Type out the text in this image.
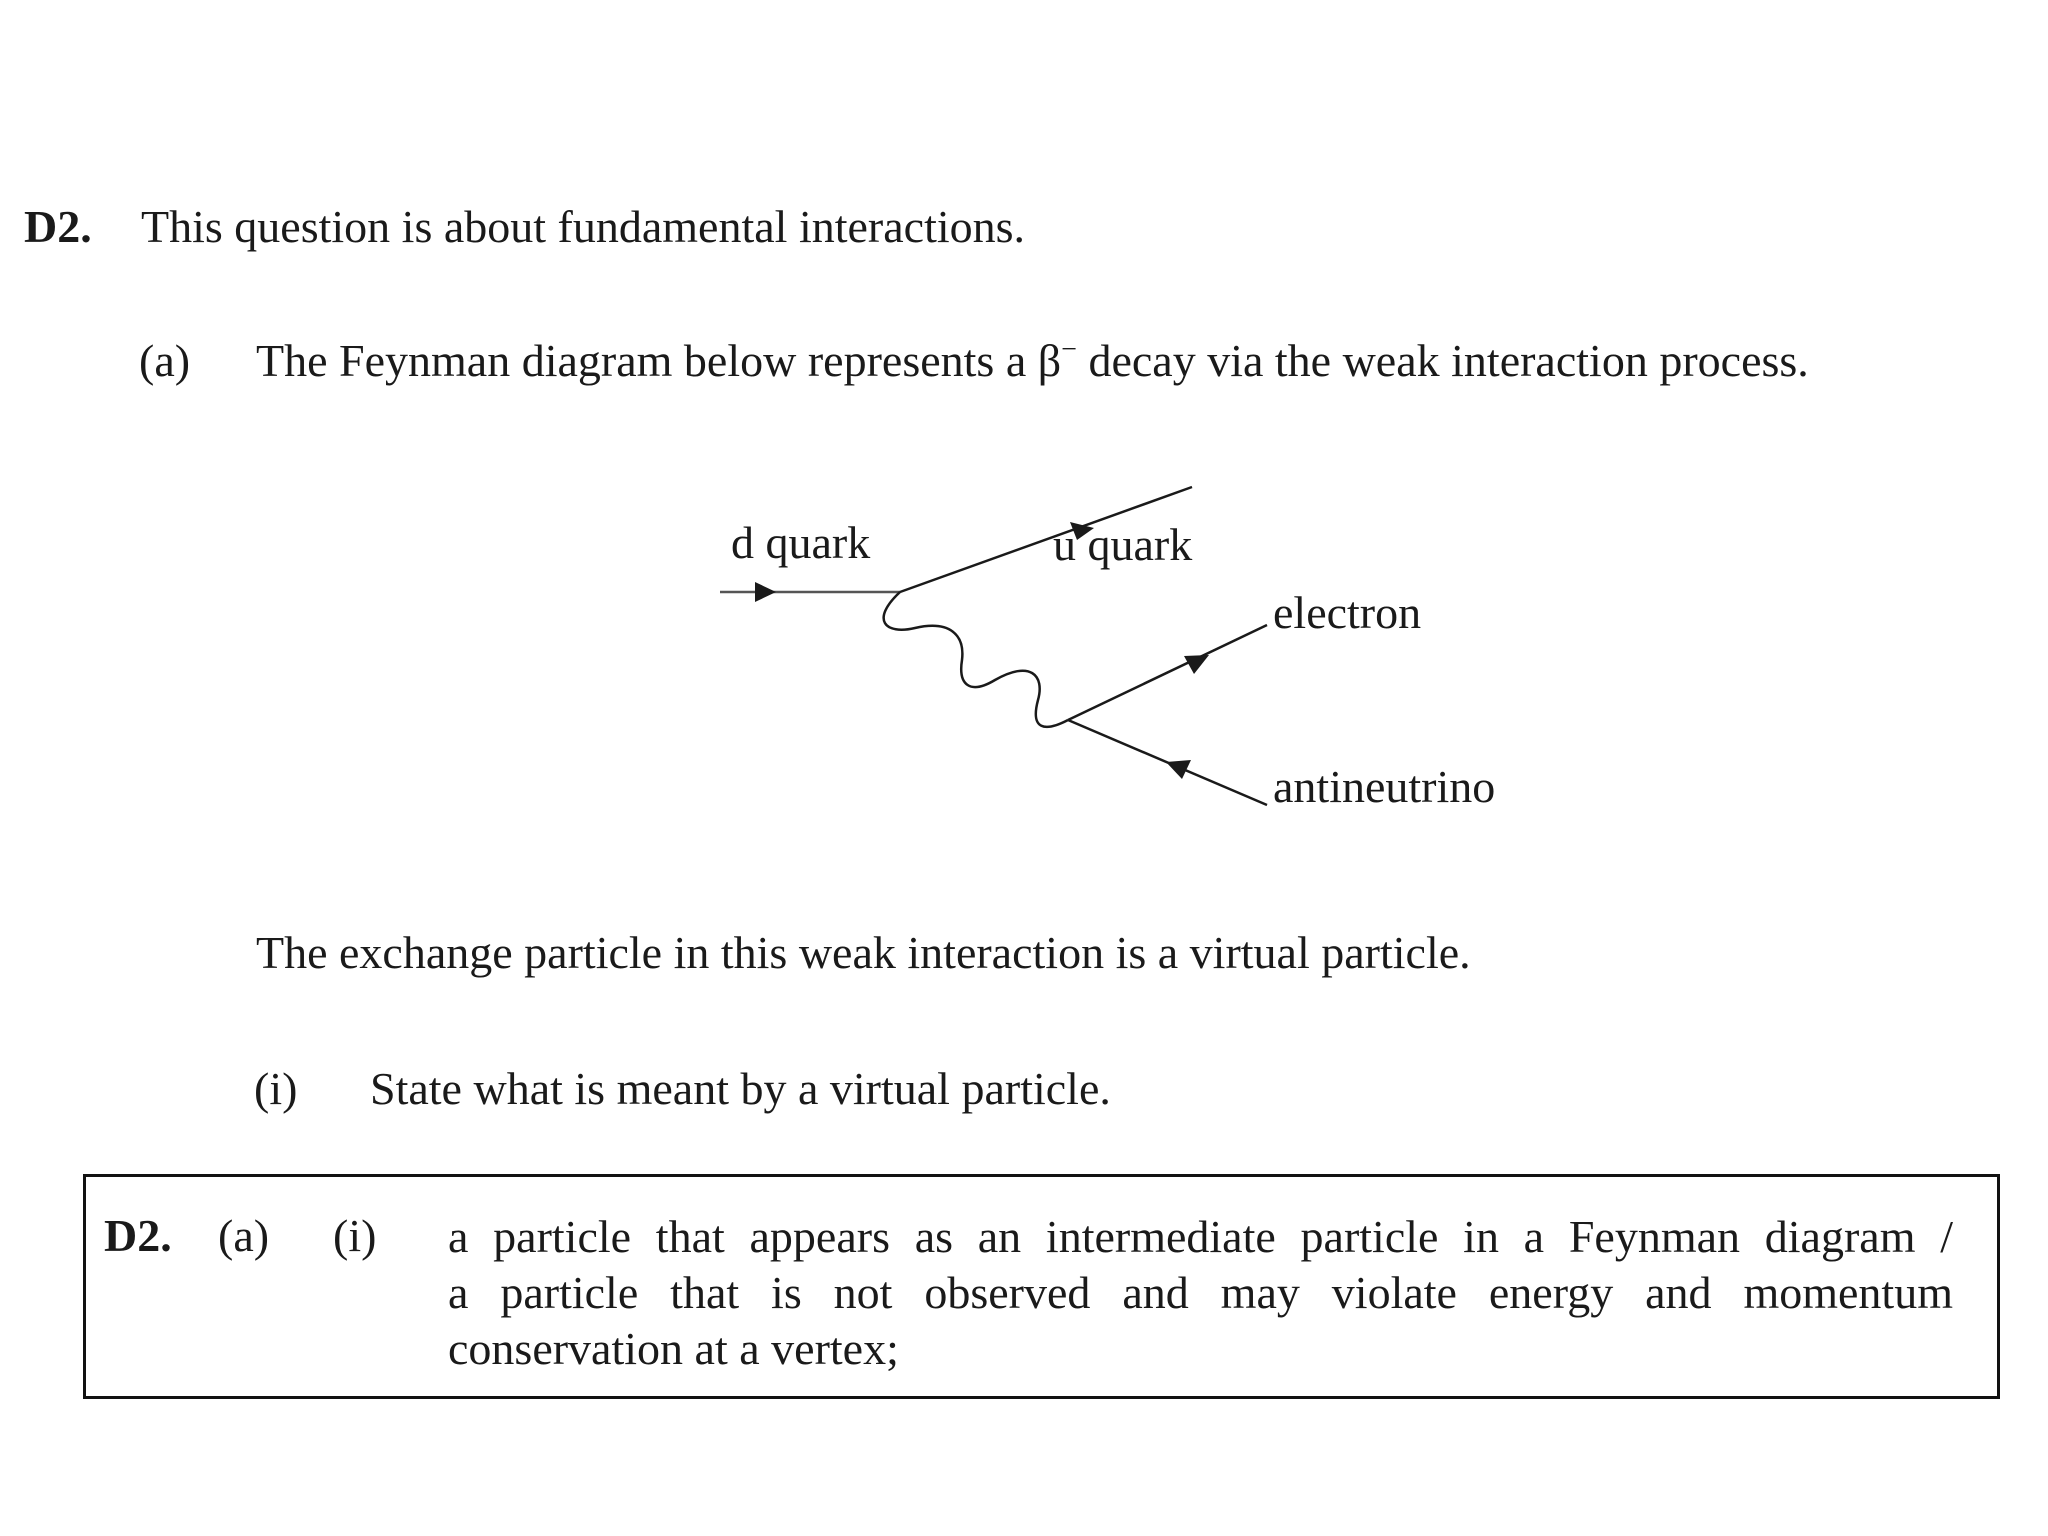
D2. This question is about fundamental interactions.
(a) The Feynman diagram below represents a β− decay via the weak interaction process.
d quark	u quark
electron
antineutrino
The exchange particle in this weak interaction is a virtual particle.
(i) State what is meant by a virtual particle.
D2. (a) (i) a particle that appears as an intermediate particle in a Feynman diagram /
a particle that is not observed and may violate energy and momentum
conservation at a vertex;
